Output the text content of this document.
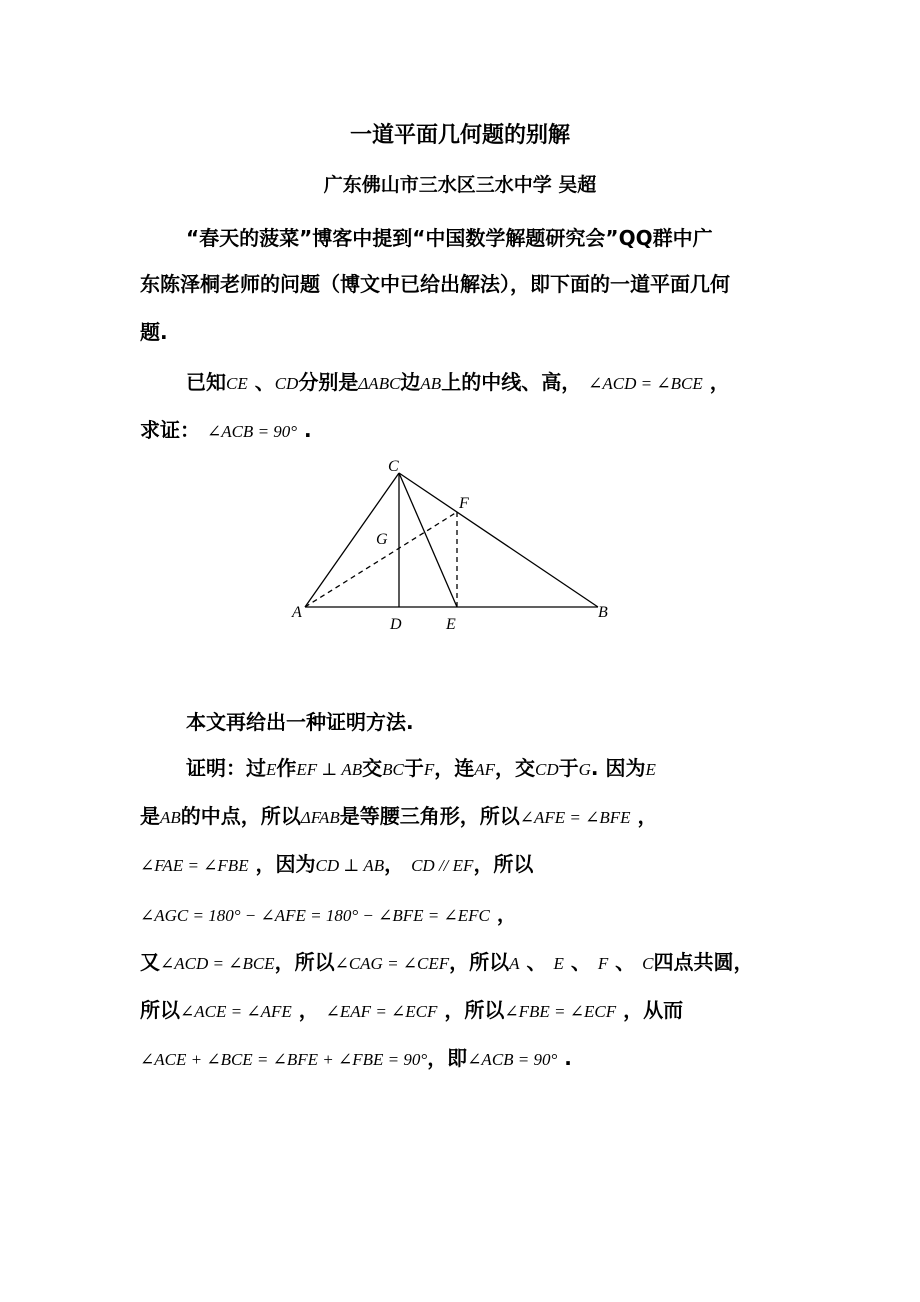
一道平面几何题的别解
广东佛山市三水区三水中学 吴超
“春天的菠菜”博客中提到“中国数学解题研究会”QQ群中广
东陈泽桐老师的问题（博文中已给出解法），即下面的一道平面几何
题.
已知CE 、CD分别是ΔABC边AB上的中线、高， ∠ACD = ∠BCE ，
求证： ∠ACB = 90° .
C
F
G
A	B
D	E
本文再给出一种证明方法.
证明：过E作EF ⊥ AB交BC于F，连AF，交CD于G. 因为E
是AB的中点，所以ΔFAB是等腰三角形，所以∠AFE = ∠BFE ，
∠FAE = ∠FBE ，因为CD ⊥ AB， CD // EF，所以
∠AGC = 180° − ∠AFE = 180° − ∠BFE = ∠EFC ，
又∠ACD = ∠BCE，所以∠CAG = ∠CEF，所以A 、 E 、 F 、 C四点共圆，
所以∠ACE = ∠AFE ， ∠EAF = ∠ECF ，所以∠FBE = ∠ECF ，从而
∠ACE + ∠BCE = ∠BFE + ∠FBE = 90°，即∠ACB = 90° .
